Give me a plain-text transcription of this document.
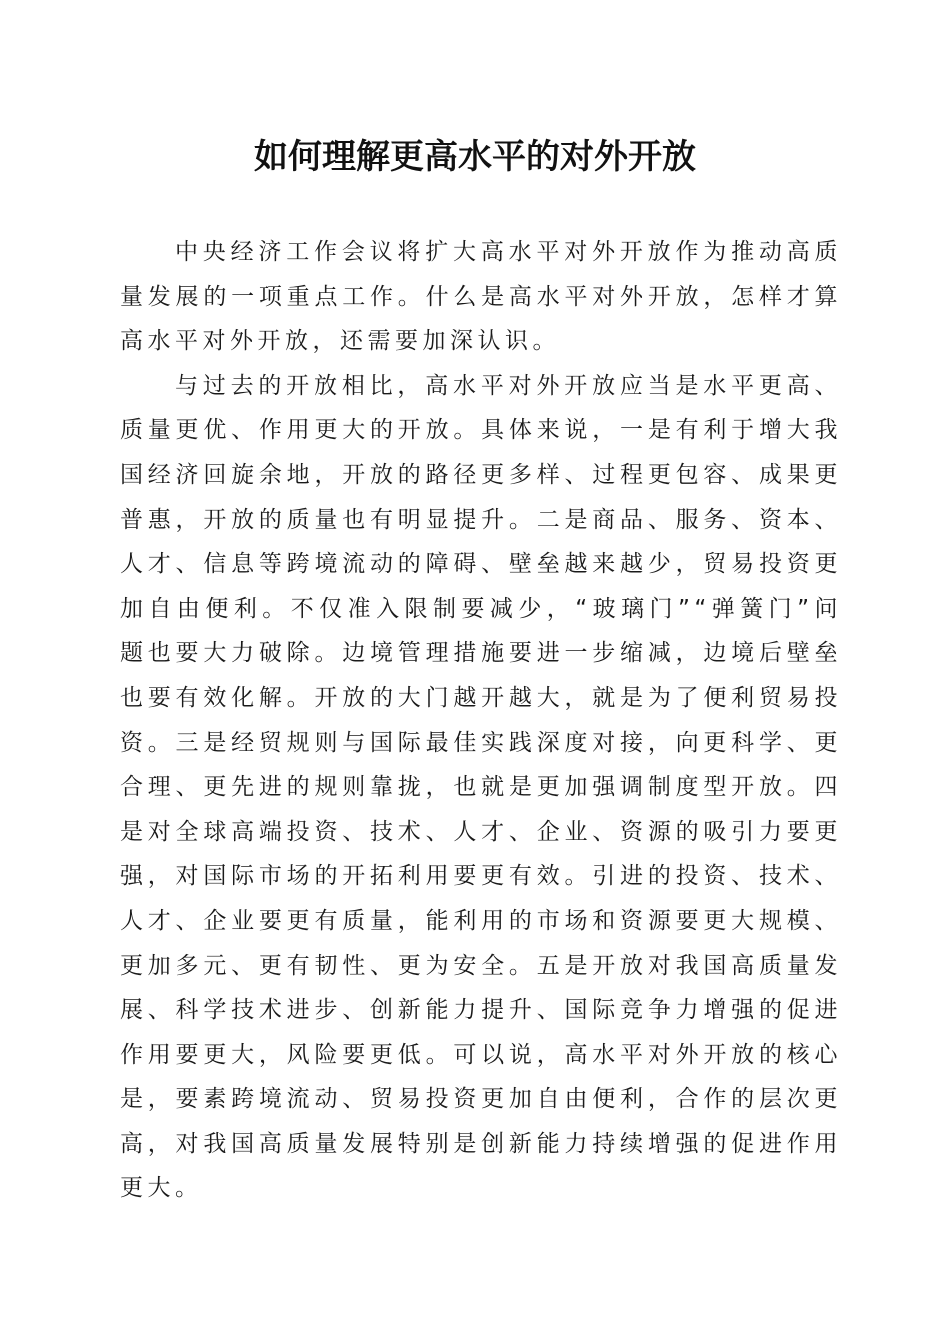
如何理解更高水平的对外开放

中央经济工作会议将扩大高水平对外开放作为推动高质量发展的一项重点工作。什么是高水平对外开放，怎样才算高水平对外开放，还需要加深认识。

与过去的开放相比，高水平对外开放应当是水平更高、质量更优、作用更大的开放。具体来说，一是有利于增大我国经济回旋余地，开放的路径更多样、过程更包容、成果更普惠，开放的质量也有明显提升。二是商品、服务、资本、人才、信息等跨境流动的障碍、壁垒越来越少，贸易投资更加自由便利。不仅准入限制要减少，“玻璃门”“弹簧门”问题也要大力破除。边境管理措施要进一步缩减，边境后壁垒也要有效化解。开放的大门越开越大，就是为了便利贸易投资。三是经贸规则与国际最佳实践深度对接，向更科学、更合理、更先进的规则靠拢，也就是更加强调制度型开放。四是对全球高端投资、技术、人才、企业、资源的吸引力要更强，对国际市场的开拓利用要更有效。引进的投资、技术、人才、企业要更有质量，能利用的市场和资源要更大规模、更加多元、更有韧性、更为安全。五是开放对我国高质量发展、科学技术进步、创新能力提升、国际竞争力增强的促进作用要更大，风险要更低。可以说，高水平对外开放的核心是，要素跨境流动、贸易投资更加自由便利，合作的层次更高，对我国高质量发展特别是创新能力持续增强的促进作用更大。
